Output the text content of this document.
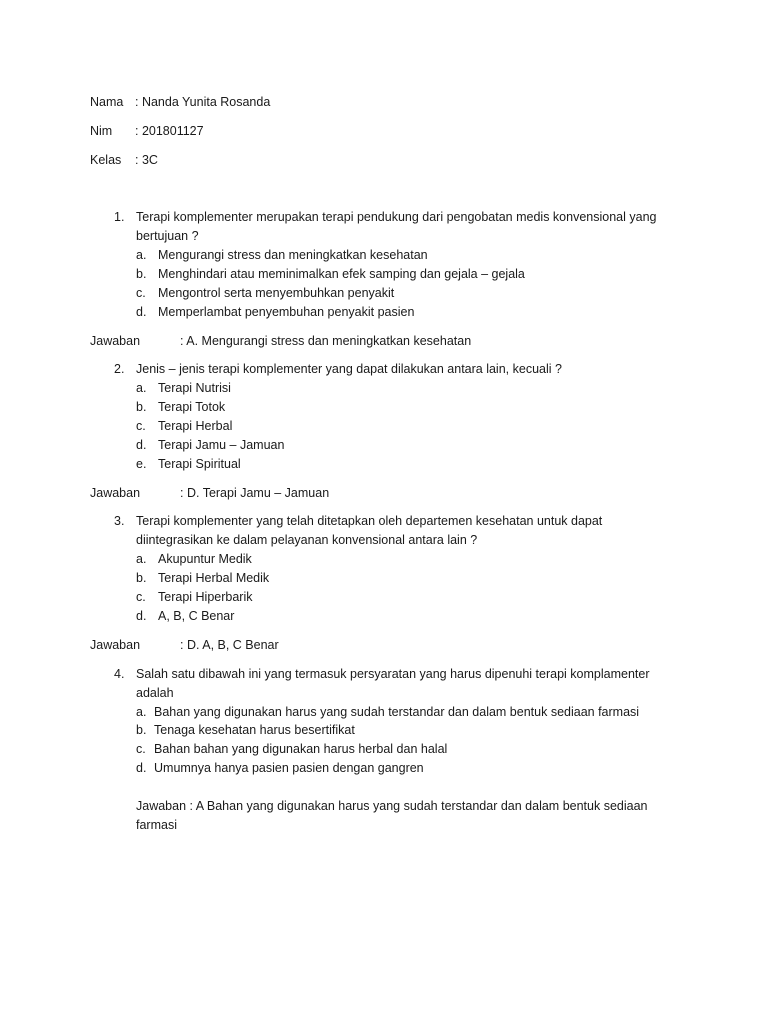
Nama : Nanda Yunita Rosanda
Nim : 201801127
Kelas : 3C
1. Terapi komplementer merupakan terapi pendukung dari pengobatan medis konvensional yang
bertujuan ?
a. Mengurangi stress dan meningkatkan kesehatan
b. Menghindari atau meminimalkan efek samping dan gejala – gejala
c. Mengontrol serta menyembuhkan penyakit
d. Memperlambat penyembuhan penyakit pasien
Jawaban	: A. Mengurangi stress dan meningkatkan kesehatan
2. Jenis – jenis terapi komplementer yang dapat dilakukan antara lain, kecuali ?
a. Terapi Nutrisi
b. Terapi Totok
c. Terapi Herbal
d. Terapi Jamu – Jamuan
e. Terapi Spiritual
Jawaban	: D. Terapi Jamu – Jamuan
3. Terapi komplementer yang telah ditetapkan oleh departemen kesehatan untuk dapat
diintegrasikan ke dalam pelayanan konvensional antara lain ?
a. Akupuntur Medik
b. Terapi Herbal Medik
c. Terapi Hiperbarik
d. A, B, C Benar
Jawaban	: D. A, B, C Benar
4. Salah satu dibawah ini yang termasuk persyaratan yang harus dipenuhi terapi komplamenter
adalah
a. Bahan yang digunakan harus yang sudah terstandar dan dalam bentuk sediaan farmasi
b. Tenaga kesehatan harus besertifikat
c. Bahan bahan yang digunakan harus herbal dan halal
d. Umumnya hanya pasien pasien dengan gangren
Jawaban : A Bahan yang digunakan harus yang sudah terstandar dan dalam bentuk sediaan
farmasi
